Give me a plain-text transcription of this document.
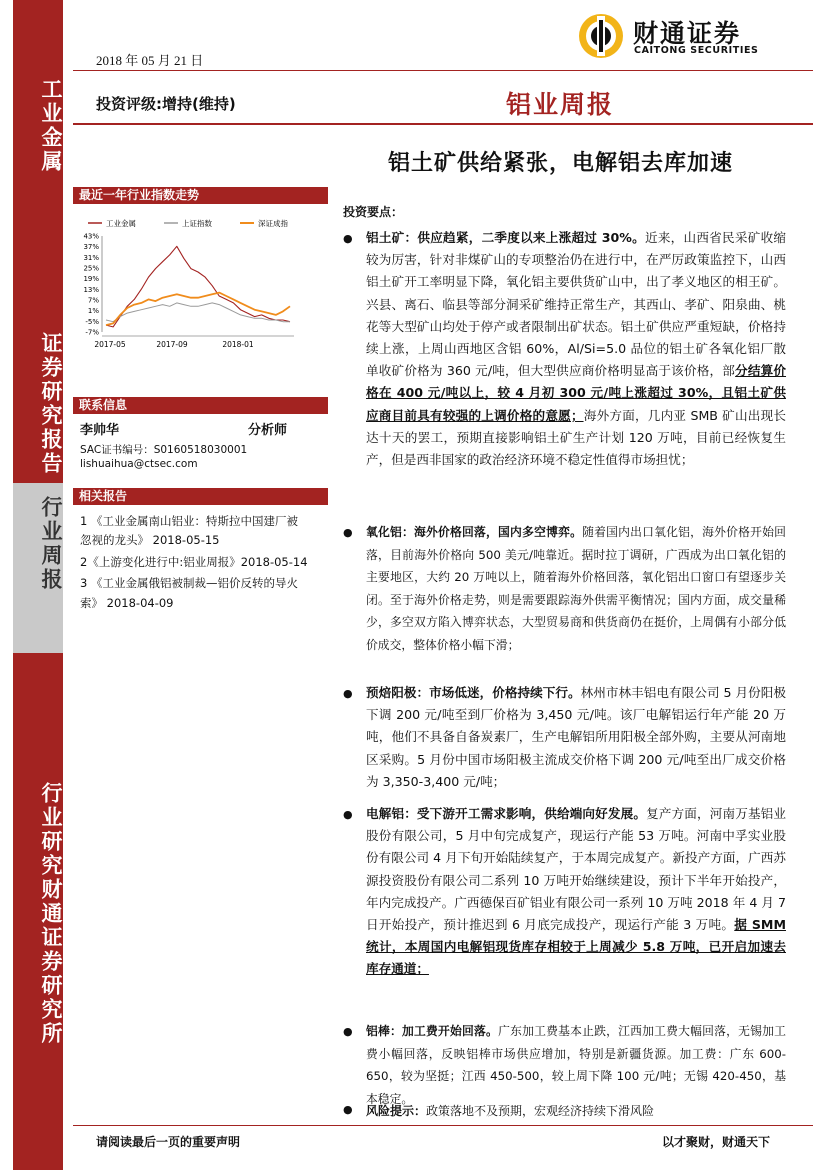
工业金属
证券研究报告
行业周报
行业研究
财通证券研究所
2018 年 05 月 21 日
财通证券
CAITONG SECURITIES
投资评级:增持(维持)	铝业周报
铝土矿供给紧张，电解铝去库加速
最近一年行业指数走势
工业金属	上证指数	深证成指
43%
37%
31%
25%
19%
13%
7%
1%
-5%
-7%
2017-05	2017-09	2018-01
联系信息
李帅华	分析师
SAC证书编号：S0160518030001
lishuaihua@ctsec.com
相关报告
1 《工业金属南山铝业：特斯拉中国建厂被
忽视的龙头》 2018-05-15
2《上游变化进行中:铝业周报》2018-05-14
3 《工业金属俄铝被制裁—铝价反转的导火
索》 2018-04-09
投资要点：
● 铝土矿：供应趋紧，二季度以来上涨超过 30%。近来，山西省民采矿收缩较为厉害，针对非煤矿山的专项整治仍在进行中，在严厉政策监控下，山西铝土矿开工率明显下降，氧化铝主要供货矿山中，出了孝义地区的相王矿。兴县、离石、临县等部分洞采矿维持正常生产，其西山、孝矿、阳泉曲、桃花等大型矿山均处于停产或者限制出矿状态。铝土矿供应严重短缺，价格持续上涨，上周山西地区含铝 60%，Al/Si=5.0 品位的铝土矿各氧化铝厂散单收矿价格为 360 元/吨，但大型供应商价格明显高于该价格，部分结算价格在 400 元/吨以上，较 4 月初 300 元/吨上涨超过 30%，且铝土矿供应商目前具有较强的上调价格的意愿；海外方面，几内亚 SMB 矿山出现长达十天的罢工，预期直接影响铝土矿生产计划 120 万吨，目前已经恢复生产，但是西非国家的政治经济环境不稳定性值得市场担忧；
● 氧化铝：海外价格回落，国内多空博弈。随着国内出口氧化铝，海外价格开始回落，目前海外价格向 500 美元/吨靠近。据时拉丁调研，广西成为出口氧化铝的主要地区，大约 20 万吨以上，随着海外价格回落，氧化铝出口窗口有望逐步关闭。至于海外价格走势，则是需要跟踪海外供需平衡情况；国内方面，成交量稀少，多空双方陷入博弈状态，大型贸易商和供货商仍在挺价，上周偶有小部分低价成交，整体价格小幅下滑；
● 预焙阳极：市场低迷，价格持续下行。林州市林丰铝电有限公司 5 月份阳极下调 200 元/吨至到厂价格为 3,450 元/吨。该厂电解铝运行年产能 20 万吨，他们不具备自备炭素厂，生产电解铝所用阳极全部外购，主要从河南地区采购。5 月份中国市场阳极主流成交价格下调 200 元/吨至出厂成交价格为 3,350-3,400 元/吨；
● 电解铝：受下游开工需求影响，供给端向好发展。复产方面，河南万基铝业股份有限公司，5 月中旬完成复产，现运行产能 53 万吨。河南中孚实业股份有限公司 4 月下旬开始陆续复产，于本周完成复产。新投产方面，广西苏源投资股份有限公司二系列 10 万吨开始继续建设，预计下半年开始投产，年内完成投产。广西德保百矿铝业有限公司一系列 10 万吨 2018 年 4 月 7 日开始投产，预计推迟到 6 月底完成投产，现运行产能 3 万吨。据 SMM 统计，本周国内电解铝现货库存相较于上周减少 5.8 万吨，已开启加速去库存通道；
● 铝棒：加工费开始回落。广东加工费基本止跌，江西加工费大幅回落，无锡加工费小幅回落，反映铝棒市场供应增加，特别是新疆货源。加工费：广东 600-650，较为坚挺；江西 450-500，较上周下降 100 元/吨；无锡 420-450，基本稳定。
● 风险提示：政策落地不及预期，宏观经济持续下滑风险
请阅读最后一页的重要声明	以才聚财，财通天下
